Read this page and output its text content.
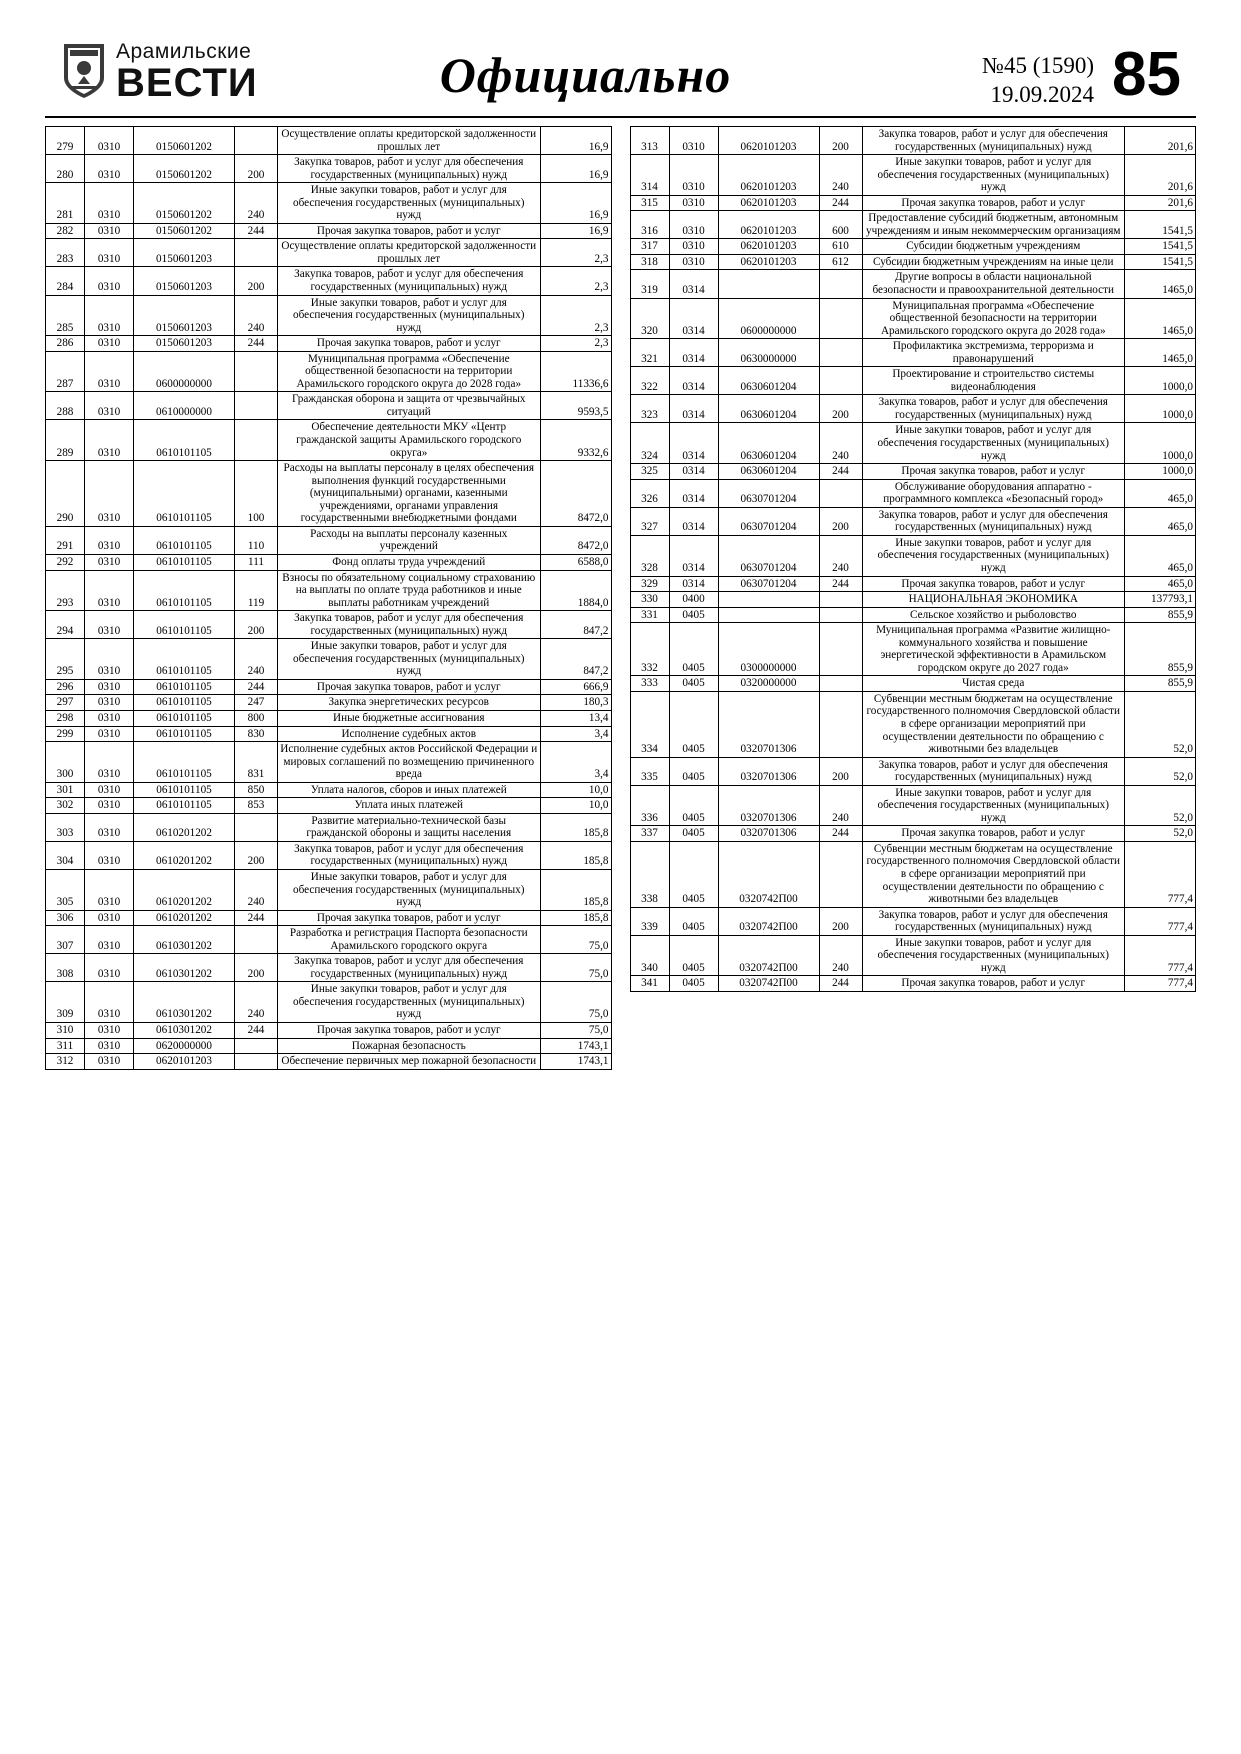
Арамильские
ВЕСТИ	Официально	№45 (1590)
19.09.2024 85
279	0310	0150601202		Осуществление оплаты кредиторской задолженности прошлых лет	16,9
280	0310	0150601202	200	Закупка товаров, работ и услуг для обеспечения государственных (муниципальных) нужд	16,9
281	0310	0150601202	240	Иные закупки товаров, работ и услуг для обеспечения государственных (муниципальных) нужд	16,9
282	0310	0150601202	244	Прочая закупка товаров, работ и услуг	16,9
283	0310	0150601203		Осуществление оплаты кредиторской задолженности прошлых лет	2,3
284	0310	0150601203	200	Закупка товаров, работ и услуг для обеспечения государственных (муниципальных) нужд	2,3
285	0310	0150601203	240	Иные закупки товаров, работ и услуг для обеспечения государственных (муниципальных) нужд	2,3
286	0310	0150601203	244	Прочая закупка товаров, работ и услуг	2,3
287	0310	0600000000		Муниципальная программа «Обеспечение общественной безопасности на территории Арамильского городского округа до 2028 года»	11336,6
288	0310	0610000000		Гражданская оборона и защита от чрезвычайных ситуаций	9593,5
289	0310	0610101105		Обеспечение деятельности МКУ «Центр гражданской защиты Арамильского городского округа»	9332,6
290	0310	0610101105	100	Расходы на выплаты персоналу в целях обеспечения выполнения функций государственными (муниципальными) органами, казенными учреждениями, органами управления государственными внебюджетными фондами	8472,0
291	0310	0610101105	110	Расходы на выплаты персоналу казенных учреждений	8472,0
292	0310	0610101105	111	Фонд оплаты труда учреждений	6588,0
293	0310	0610101105	119	Взносы по обязательному социальному страхованию на выплаты по оплате труда работников и иные выплаты работникам учреждений	1884,0
294	0310	0610101105	200	Закупка товаров, работ и услуг для обеспечения государственных (муниципальных) нужд	847,2
295	0310	0610101105	240	Иные закупки товаров, работ и услуг для обеспечения государственных (муниципальных) нужд	847,2
296	0310	0610101105	244	Прочая закупка товаров, работ и услуг	666,9
297	0310	0610101105	247	Закупка энергетических ресурсов	180,3
298	0310	0610101105	800	Иные бюджетные ассигнования	13,4
299	0310	0610101105	830	Исполнение судебных актов	3,4
300	0310	0610101105	831	Исполнение судебных актов Российской Федерации и мировых соглашений по возмещению причиненного вреда	3,4
301	0310	0610101105	850	Уплата налогов, сборов и иных платежей	10,0
302	0310	0610101105	853	Уплата иных платежей	10,0
303	0310	0610201202		Развитие материально-технической базы гражданской обороны и защиты населения	185,8
304	0310	0610201202	200	Закупка товаров, работ и услуг для обеспечения государственных (муниципальных) нужд	185,8
305	0310	0610201202	240	Иные закупки товаров, работ и услуг для обеспечения государственных (муниципальных) нужд	185,8
306	0310	0610201202	244	Прочая закупка товаров, работ и услуг	185,8
307	0310	0610301202		Разработка и регистрация Паспорта безопасности Арамильского городского округа	75,0
308	0310	0610301202	200	Закупка товаров, работ и услуг для обеспечения государственных (муниципальных) нужд	75,0
309	0310	0610301202	240	Иные закупки товаров, работ и услуг для обеспечения государственных (муниципальных) нужд	75,0
310	0310	0610301202	244	Прочая закупка товаров, работ и услуг	75,0
311	0310	0620000000		Пожарная безопасность	1743,1
312	0310	0620101203		Обеспечение первичных мер пожарной безопасности	1743,1
313	0310	0620101203	200	Закупка товаров, работ и услуг для обеспечения государственных (муниципальных) нужд	201,6
314	0310	0620101203	240	Иные закупки товаров, работ и услуг для обеспечения государственных (муниципальных) нужд	201,6
315	0310	0620101203	244	Прочая закупка товаров, работ и услуг	201,6
316	0310	0620101203	600	Предоставление субсидий бюджетным, автономным учреждениям и иным некоммерческим организациям	1541,5
317	0310	0620101203	610	Субсидии бюджетным учреждениям	1541,5
318	0310	0620101203	612	Субсидии бюджетным учреждениям на иные цели	1541,5
319	0314			Другие вопросы в области национальной безопасности и правоохранительной деятельности	1465,0
320	0314	0600000000		Муниципальная программа «Обеспечение общественной безопасности на территории Арамильского городского округа до 2028 года»	1465,0
321	0314	0630000000		Профилактика экстремизма, терроризма и правонарушений	1465,0
322	0314	0630601204		Проектирование и строительство системы видеонаблюдения	1000,0
323	0314	0630601204	200	Закупка товаров, работ и услуг для обеспечения государственных (муниципальных) нужд	1000,0
324	0314	0630601204	240	Иные закупки товаров, работ и услуг для обеспечения государственных (муниципальных) нужд	1000,0
325	0314	0630601204	244	Прочая закупка товаров, работ и услуг	1000,0
326	0314	0630701204		Обслуживание оборудования аппаратно - программного комплекса «Безопасный город»	465,0
327	0314	0630701204	200	Закупка товаров, работ и услуг для обеспечения государственных (муниципальных) нужд	465,0
328	0314	0630701204	240	Иные закупки товаров, работ и услуг для обеспечения государственных (муниципальных) нужд	465,0
329	0314	0630701204	244	Прочая закупка товаров, работ и услуг	465,0
330	0400			НАЦИОНАЛЬНАЯ ЭКОНОМИКА	137793,1
331	0405			Сельское хозяйство и рыболовство	855,9
332	0405	0300000000		Муниципальная программа «Развитие жилищно-коммунального хозяйства и повышение энергетической эффективности в Арамильском городском округе до 2027 года»	855,9
333	0405	0320000000		Чистая среда	855,9
334	0405	0320701306		Субвенции местным бюджетам на осуществление государственного полномочия Свердловской области в сфере организации мероприятий при осуществлении деятельности по обращению с животными без владельцев	52,0
335	0405	0320701306	200	Закупка товаров, работ и услуг для обеспечения государственных (муниципальных) нужд	52,0
336	0405	0320701306	240	Иные закупки товаров, работ и услуг для обеспечения государственных (муниципальных) нужд	52,0
337	0405	0320701306	244	Прочая закупка товаров, работ и услуг	52,0
338	0405	0320742П00		Субвенции местным бюджетам на осуществление государственного полномочия Свердловской области в сфере организации мероприятий при осуществлении деятельности по обращению с животными без владельцев	777,4
339	0405	0320742П00	200	Закупка товаров, работ и услуг для обеспечения государственных (муниципальных) нужд	777,4
340	0405	0320742П00	240	Иные закупки товаров, работ и услуг для обеспечения государственных (муниципальных) нужд	777,4
341	0405	0320742П00	244	Прочая закупка товаров, работ и услуг	777,4
